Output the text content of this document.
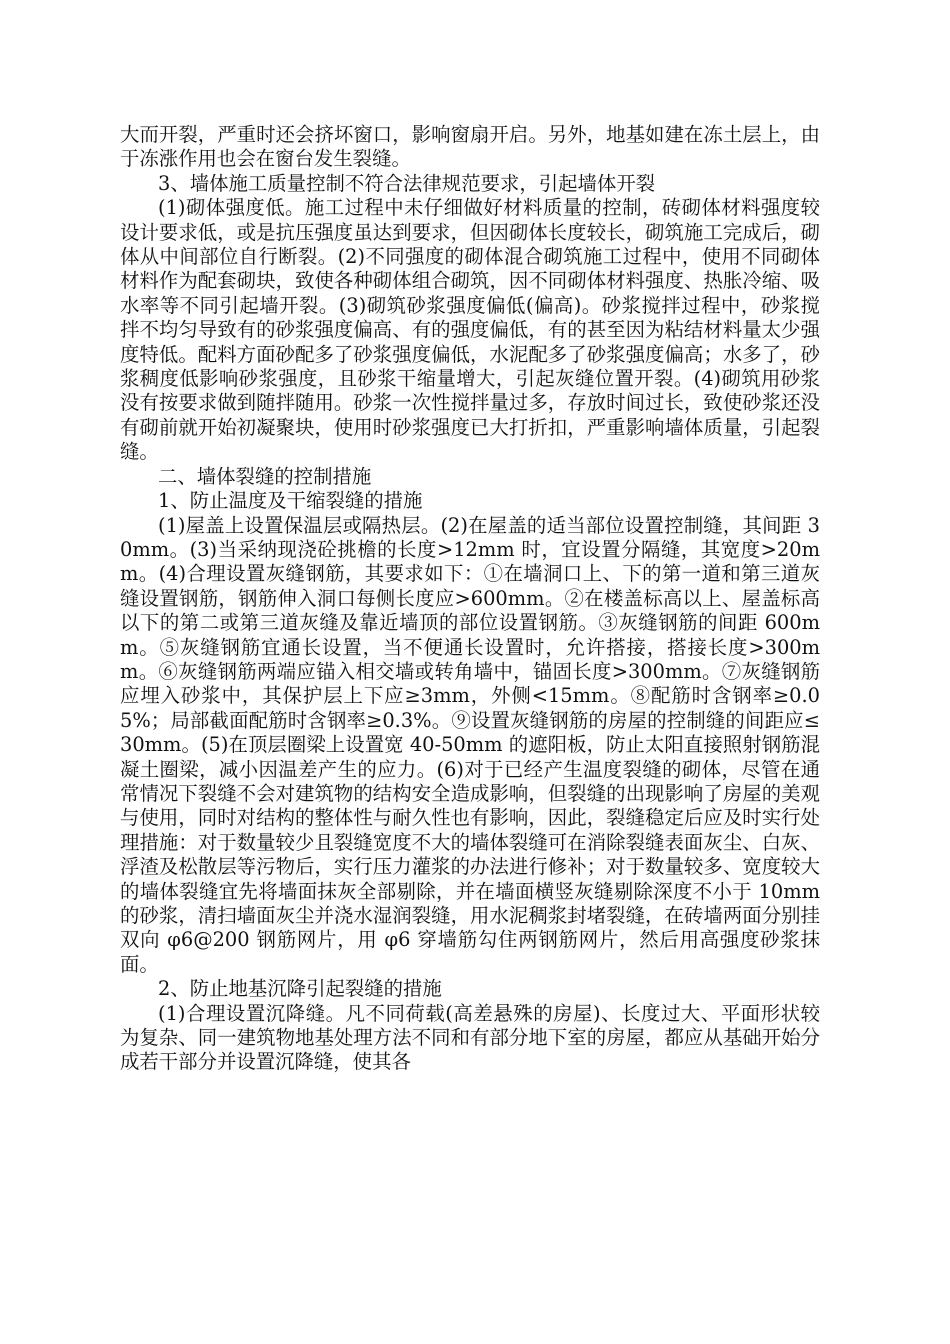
大而开裂，严重时还会挤坏窗口，影响窗扇开启。另外，地基如建在冻土层上，由于冻涨作用也会在窗台发生裂缝。

3、墙体施工质量控制不符合法律规范要求，引起墙体开裂

(1)砌体强度低。施工过程中未仔细做好材料质量的控制，砖砌体材料强度较设计要求低，或是抗压强度虽达到要求，但因砌体长度较长，砌筑施工完成后，砌体从中间部位自行断裂。(2)不同强度的砌体混合砌筑施工过程中，使用不同砌体材料作为配套砌块，致使各种砌体组合砌筑，因不同砌体材料强度、热胀冷缩、吸水率等不同引起墙开裂。(3)砌筑砂浆强度偏低(偏高)。砂浆搅拌过程中，砂浆搅拌不均匀导致有的砂浆强度偏高、有的强度偏低，有的甚至因为粘结材料量太少强度特低。配料方面砂配多了砂浆强度偏低，水泥配多了砂浆强度偏高；水多了，砂浆稠度低影响砂浆强度，且砂浆干缩量增大，引起灰缝位置开裂。(4)砌筑用砂浆没有按要求做到随拌随用。砂浆一次性搅拌量过多，存放时间过长，致使砂浆还没有砌前就开始初凝聚块，使用时砂浆强度已大打折扣，严重影响墙体质量，引起裂缝。

二、墙体裂缝的控制措施

1、防止温度及干缩裂缝的措施

(1)屋盖上设置保温层或隔热层。(2)在屋盖的适当部位设置控制缝，其间距 30mm。(3)当采纳现浇砼挑檐的长度>12mm 时，宜设置分隔缝，其宽度>20mm。(4)合理设置灰缝钢筋，其要求如下：①在墙洞口上、下的第一道和第三道灰缝设置钢筋，钢筋伸入洞口每侧长度应>600mm。②在楼盖标高以上、屋盖标高以下的第二或第三道灰缝及靠近墙顶的部位设置钢筋。③灰缝钢筋的间距 600mm。⑤灰缝钢筋宜通长设置，当不便通长设置时，允许搭接，搭接长度>300mm。⑥灰缝钢筋两端应锚入相交墙或转角墙中，锚固长度>300mm。⑦灰缝钢筋应埋入砂浆中，其保护层上下应≥3mm，外侧<15mm。⑧配筋时含钢率≥0.05%；局部截面配筋时含钢率≥0.3%。⑨设置灰缝钢筋的房屋的控制缝的间距应≤30mm。(5)在顶层圈梁上设置宽 40-50mm 的遮阳板，防止太阳直接照射钢筋混凝土圈梁，减小因温差产生的应力。(6)对于已经产生温度裂缝的砌体，尽管在通常情况下裂缝不会对建筑物的结构安全造成影响，但裂缝的出现影响了房屋的美观与使用，同时对结构的整体性与耐久性也有影响，因此，裂缝稳定后应及时实行处理措施：对于数量较少且裂缝宽度不大的墙体裂缝可在消除裂缝表面灰尘、白灰、浮渣及松散层等污物后，实行压力灌浆的办法进行修补；对于数量较多、宽度较大的墙体裂缝宜先将墙面抹灰全部剔除，并在墙面横竖灰缝剔除深度不小于 10mm 的砂浆，清扫墙面灰尘并浇水湿润裂缝，用水泥稠浆封堵裂缝，在砖墙两面分别挂双向 φ6@200 钢筋网片，用 φ6 穿墙筋勾住两钢筋网片，然后用高强度砂浆抹面。

2、防止地基沉降引起裂缝的措施

(1)合理设置沉降缝。凡不同荷载(高差悬殊的房屋)、长度过大、平面形状较为复杂、同一建筑物地基处理方法不同和有部分地下室的房屋，都应从基础开始分成若干部分并设置沉降缝，使其各
